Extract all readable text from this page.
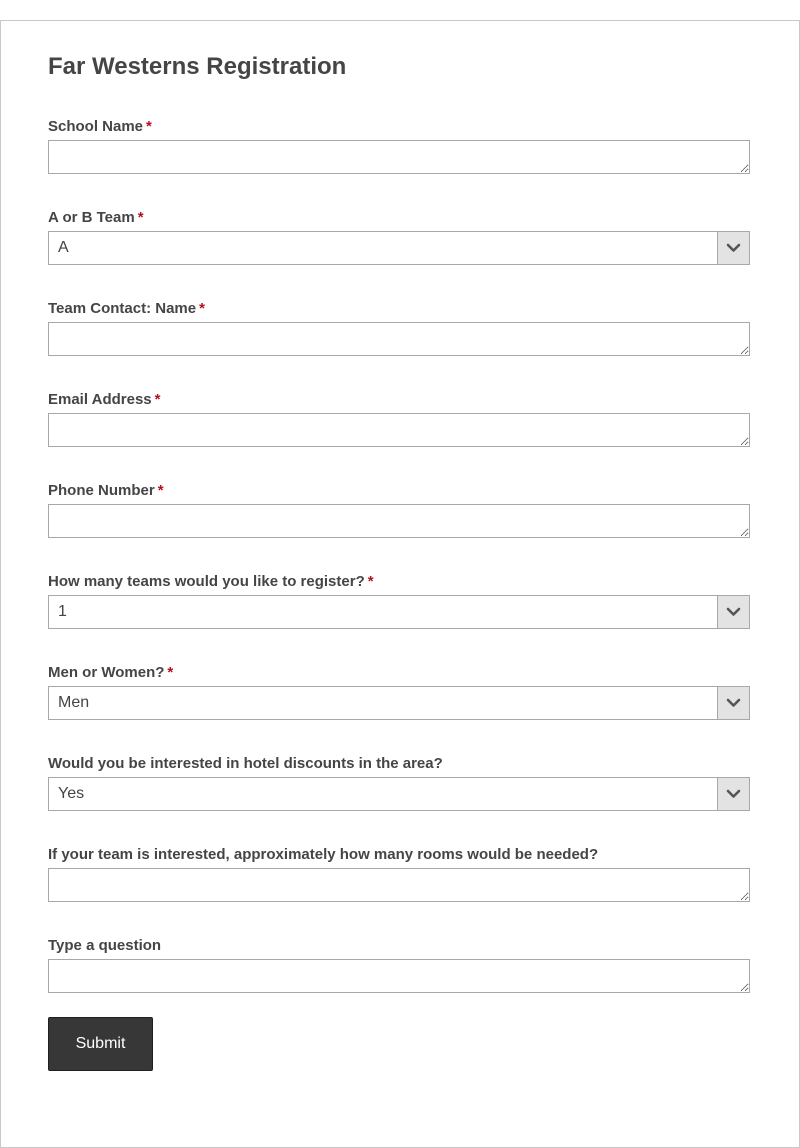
Far Westerns Registration
School Name *
A or B Team *
A
Team Contact: Name *
Email Address *
Phone Number *
How many teams would you like to register? *
1
Men or Women? *
Men
Would you be interested in hotel discounts in the area?
Yes
If your team is interested, approximately how many rooms would be needed?
Type a question
Submit
